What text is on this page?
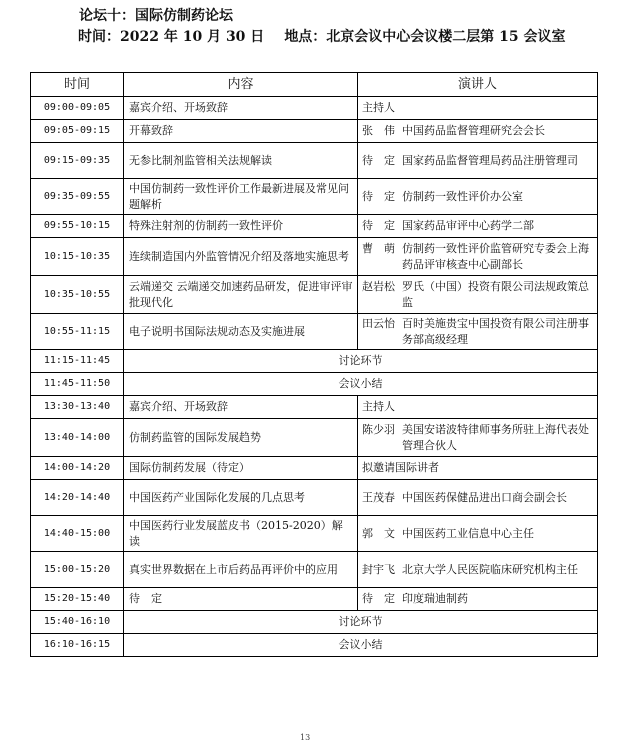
论坛十：国际仿制药论坛
时间：2022 年 10 月 30 日 地点：北京会议中心会议楼二层第 15 会议室
时间	内容	演讲人
09:00-09:05	嘉宾介绍、开场致辞	主持人
09:05-09:15	开幕致辞	张　伟 中国药品监督管理研究会会长

09:15-09:35	无参比制剂监管相关法规解读	待　定 国家药品监督管理局药品注册管理司

09:35-09:55	中国仿制药一致性评价工作最新进展及常见问题解析	待　定 仿制药一致性评价办公室

09:55-10:15	特殊注射剂的仿制药一致性评价	待　定 国家药品审评中心药学二部

10:15-10:35	连续制造国内外监管情况介绍及落地实施思考	曹　萌 仿制药一致性评价监管研究专委会上海药品评审核查中心副部长

10:35-10:55	云端递交 云端递交加速药品研发，促进审评审批现代化	赵岩松 罗氏（中国）投资有限公司法规政策总监

10:55-11:15	电子说明书国际法规动态及实施进展	田云怡 百时美施贵宝中国投资有限公司注册事务部高级经理

11:15-11:45	讨论环节	
11:45-11:50	会议小结	
13:30-13:40	嘉宾介绍、开场致辞	主持人
13:40-14:00	仿制药监管的国际发展趋势	陈少羽 美国安诺波特律师事务所驻上海代表处管理合伙人

14:00-14:20	国际仿制药发展（待定）	拟邀请国际讲者
14:20-14:40	中国医药产业国际化发展的几点思考	王茂春 中国医药保健品进出口商会副会长

14:40-15:00	中国医药行业发展蓝皮书（2015-2020）解读	郭　文 中国医药工业信息中心主任

15:00-15:20	真实世界数据在上市后药品再评价中的应用	封宇飞 北京大学人民医院临床研究机构主任

15:20-15:40	待　定	待　定 印度瑞迪制药

15:40-16:10	讨论环节	
16:10-16:15	会议小结	
13
